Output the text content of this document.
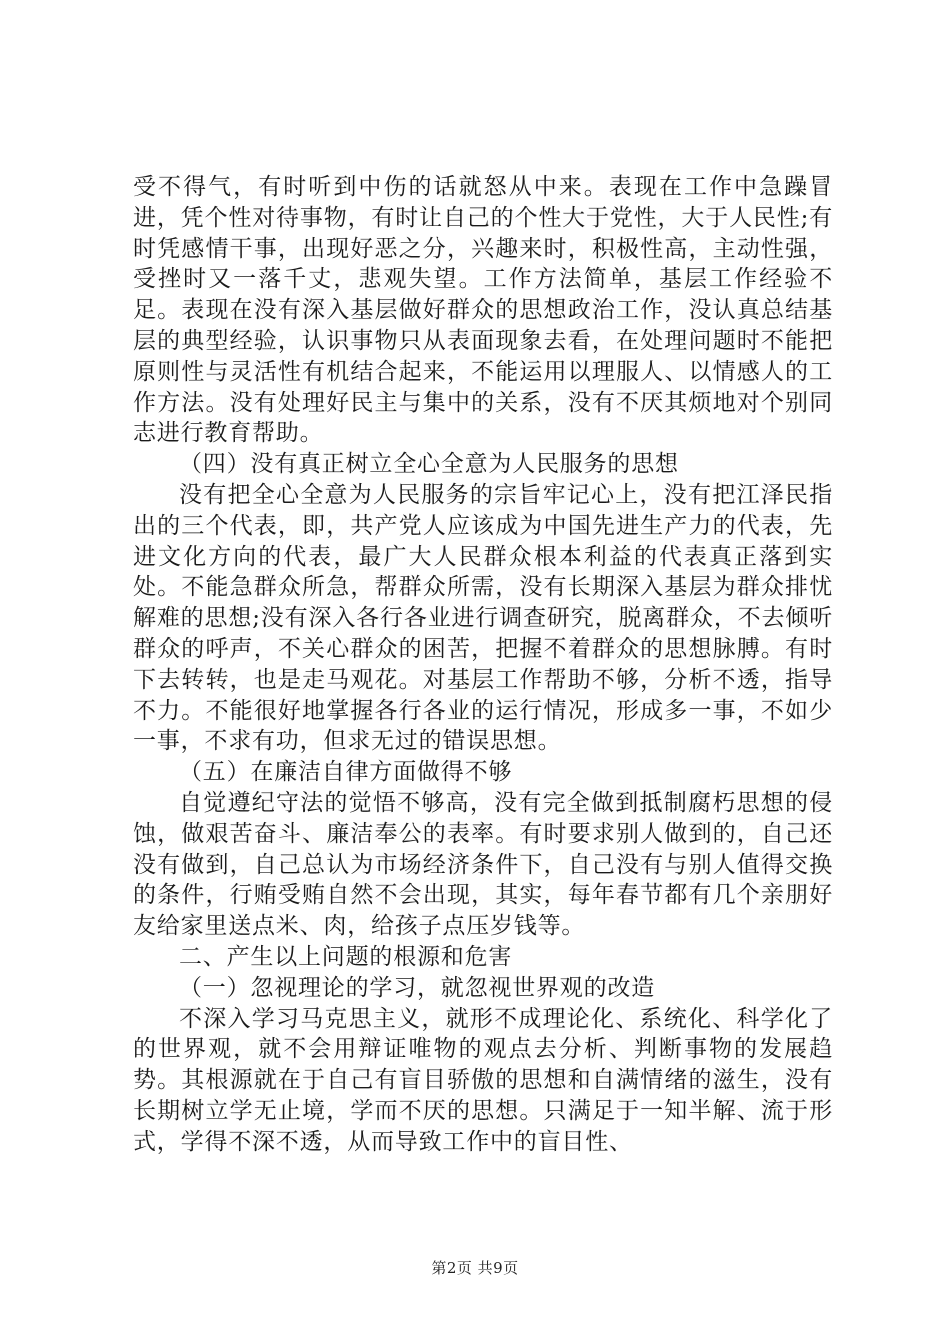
受不得气，有时听到中伤的话就怒从中来。表现在工作中急躁冒进，凭个性对待事物，有时让自己的个性大于党性，大于人民性;有时凭感情干事，出现好恶之分，兴趣来时，积极性高，主动性强，受挫时又一落千丈，悲观失望。工作方法简单，基层工作经验不足。表现在没有深入基层做好群众的思想政治工作，没认真总结基层的典型经验，认识事物只从表面现象去看，在处理问题时不能把原则性与灵活性有机结合起来，不能运用以理服人、以情感人的工作方法。没有处理好民主与集中的关系，没有不厌其烦地对个别同志进行教育帮助。

（四）没有真正树立全心全意为人民服务的思想

没有把全心全意为人民服务的宗旨牢记心上，没有把江泽民指出的三个代表，即，共产党人应该成为中国先进生产力的代表，先进文化方向的代表，最广大人民群众根本利益的代表真正落到实处。不能急群众所急，帮群众所需，没有长期深入基层为群众排忧解难的思想;没有深入各行各业进行调查研究，脱离群众，不去倾听群众的呼声，不关心群众的困苦，把握不着群众的思想脉膊。有时下去转转，也是走马观花。对基层工作帮助不够，分析不透，指导不力。不能很好地掌握各行各业的运行情况，形成多一事，不如少一事，不求有功，但求无过的错误思想。

（五）在廉洁自律方面做得不够

自觉遵纪守法的觉悟不够高，没有完全做到抵制腐朽思想的侵蚀，做艰苦奋斗、廉洁奉公的表率。有时要求别人做到的，自己还没有做到，自己总认为市场经济条件下，自己没有与别人值得交换的条件，行贿受贿自然不会出现，其实，每年春节都有几个亲朋好友给家里送点米、肉，给孩子点压岁钱等。

二、产生以上问题的根源和危害

（一）忽视理论的学习，就忽视世界观的改造

不深入学习马克思主义，就形不成理论化、系统化、科学化了的世界观，就不会用辩证唯物的观点去分析、判断事物的发展趋势。其根源就在于自己有盲目骄傲的思想和自满情绪的滋生，没有长期树立学无止境，学而不厌的思想。只满足于一知半解、流于形式，学得不深不透，从而导致工作中的盲目性、

第2页 共9页
